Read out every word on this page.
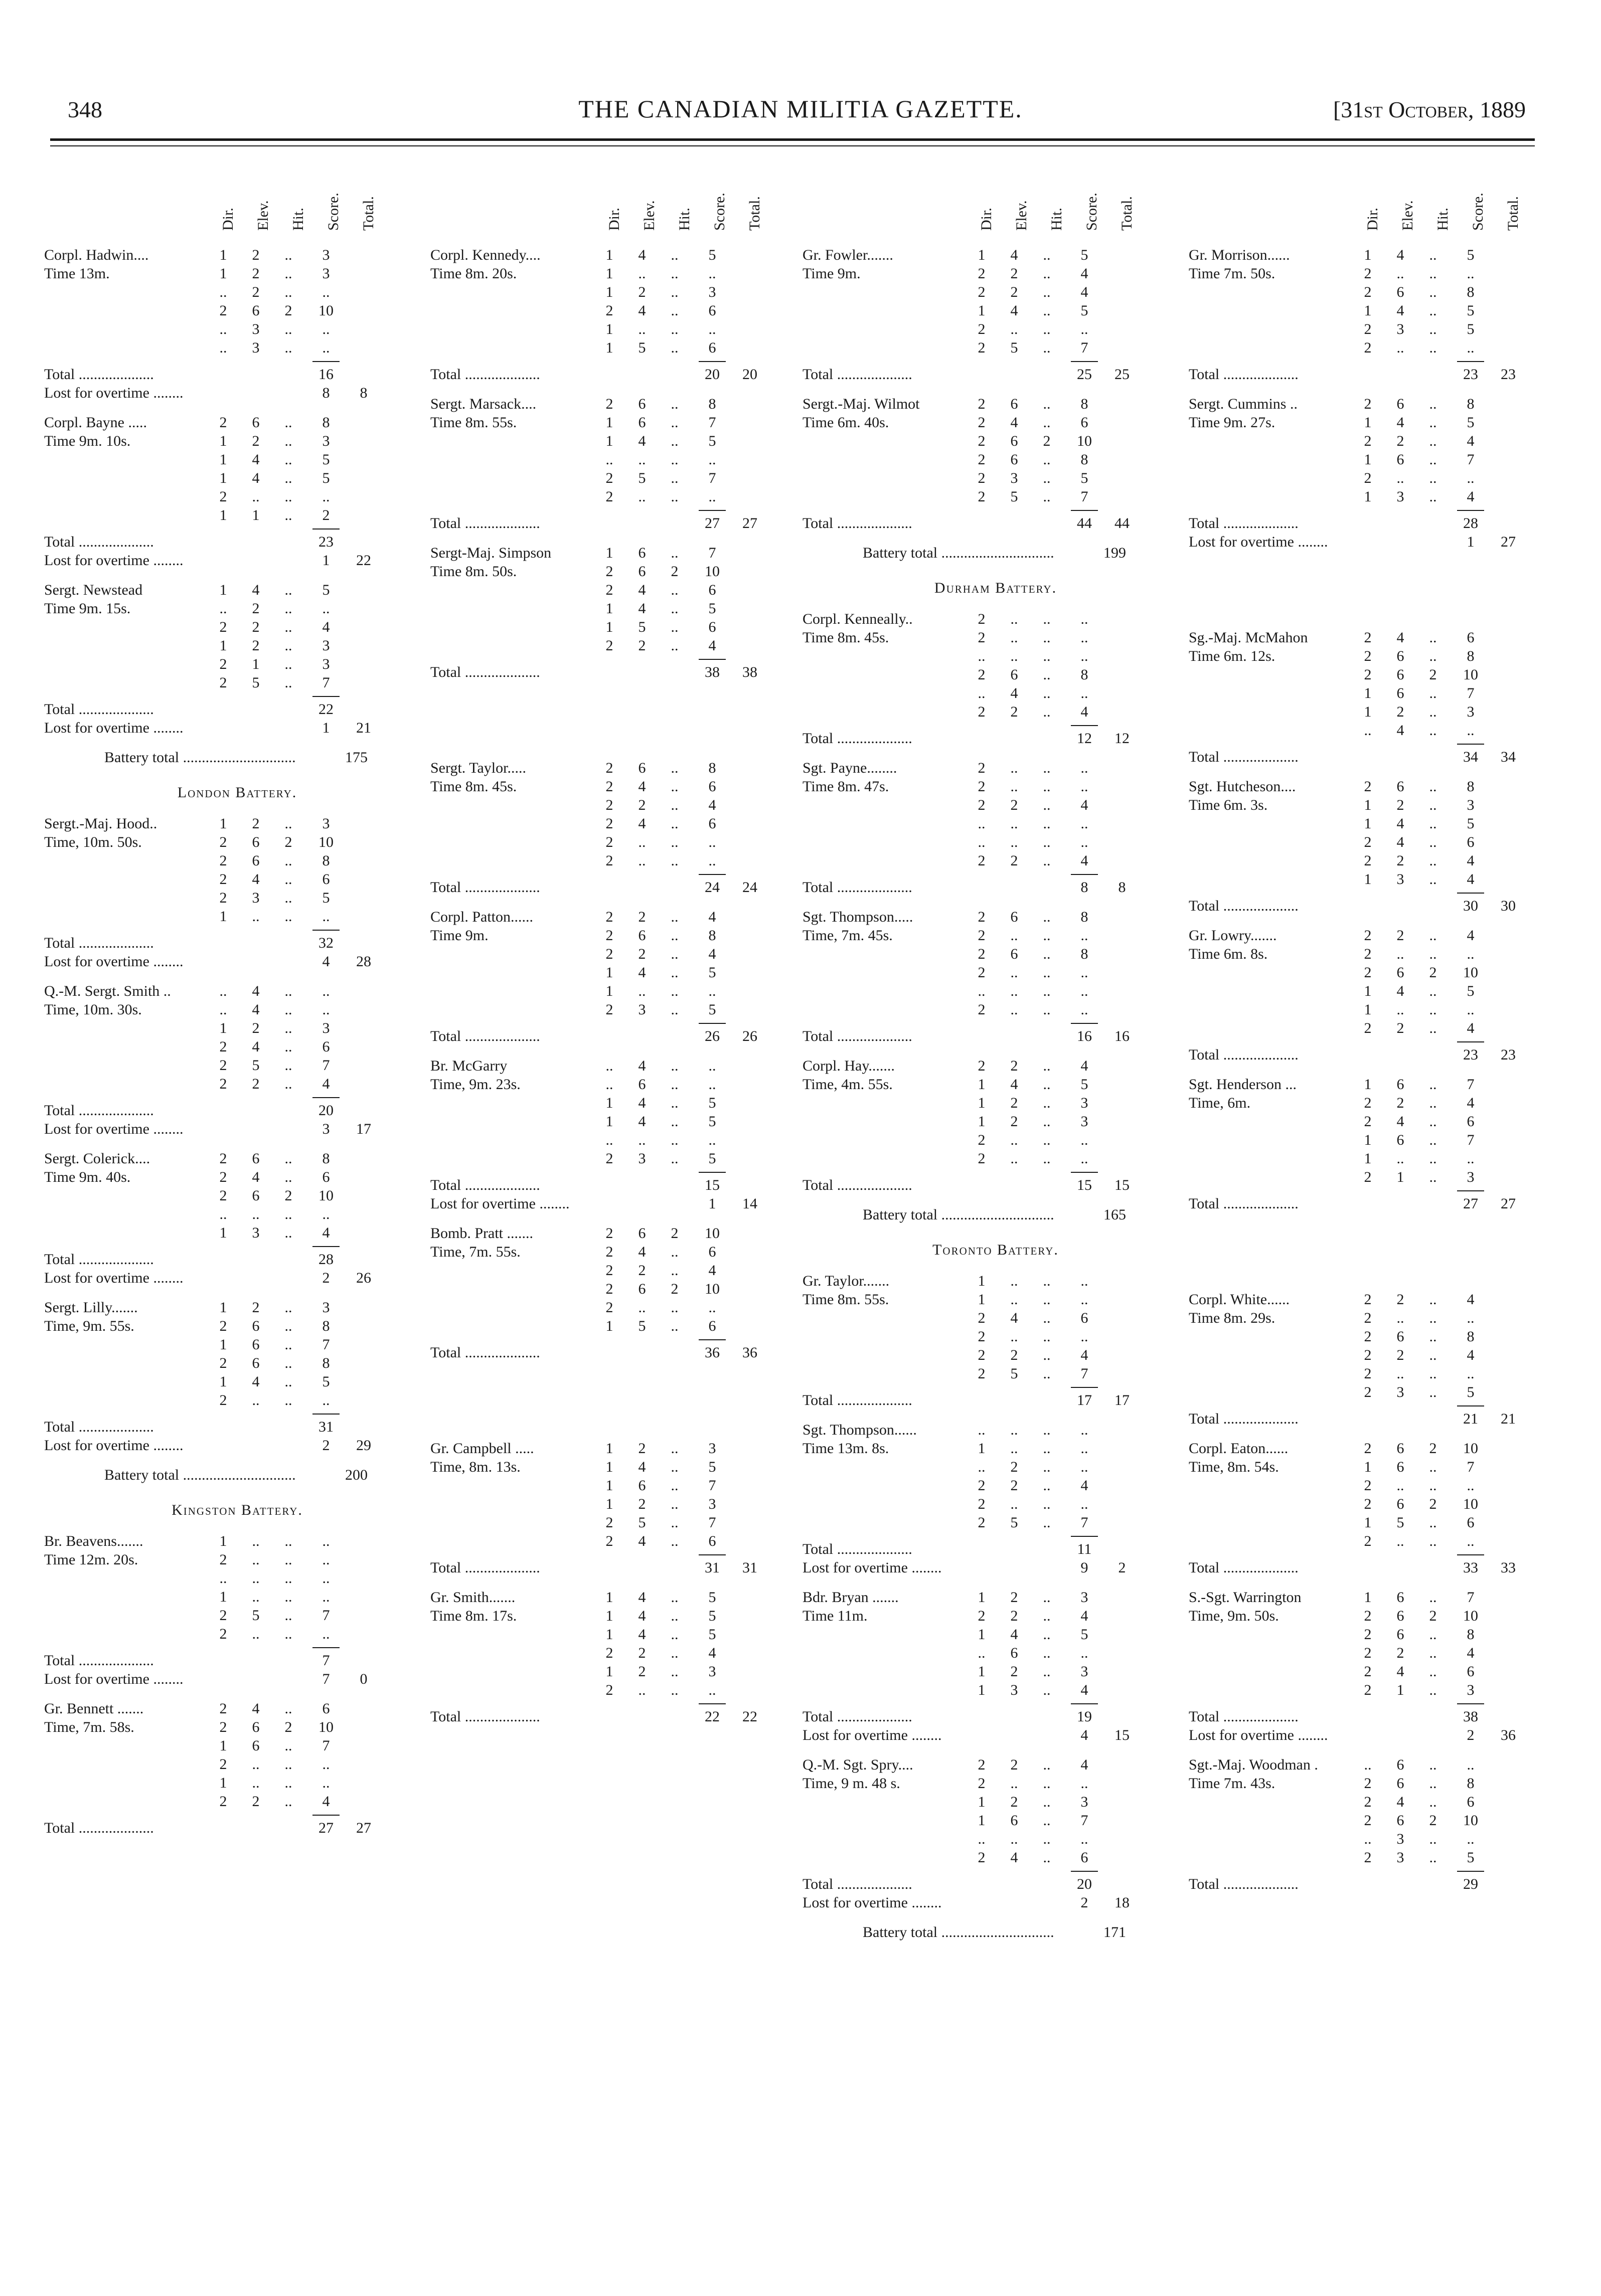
348	THE CANADIAN MILITIA GAZETTE.	[31st October, 1889
Dir. Elev. Hit. Score. Total.
Corpl. Hadwin....	1	2	..	3
Time 13m.	1	2	..	3
..	2	..	..
2	6	2	10
..	3	..	..
..	3	..	..
Total ....................	16
Lost for overtime ........	8	8
Corpl. Bayne .....	2	6	..	8
Time 9m. 10s.	1	2	..	3
1	4	..	5
1	4	..	5
2	..	..	..
1	1	..	2
Total ....................	23
Lost for overtime ........	1	22
Sergt. Newstead	1	4	..	5
Time 9m. 15s.	..	2	..	..
2	2	..	4
1	2	..	3
2	1	..	3
2	5	..	7
Total ....................	22
Lost for overtime ........	1	21
Battery total ..............................	175
London Battery.
Sergt.-Maj. Hood..	1	2	..	3
Time, 10m. 50s.	2	6	2	10
2	6	..	8
2	4	..	6
2	3	..	5
1	..	..	..
Total ....................	32
Lost for overtime ........	4	28
Q.-M. Sergt. Smith ..	..	4	..	..
Time, 10m. 30s.	..	4	..	..
1	2	..	3
2	4	..	6
2	5	..	7
2	2	..	4
Total ....................	20
Lost for overtime ........	3	17
Sergt. Colerick....	2	6	..	8
Time 9m. 40s.	2	4	..	6
2	6	2	10
..	..	..	..
1	3	..	4
Total ....................	28
Lost for overtime ........	2	26
Sergt. Lilly.......	1	2	..	3
Time, 9m. 55s.	2	6	..	8
1	6	..	7
2	6	..	8
1	4	..	5
2	..	..	..
Total ....................	31
Lost for overtime ........	2	29
Battery total ..............................	200
Kingston Battery.
Br. Beavens.......	1	..	..	..
Time 12m. 20s.	2	..	..	..
..	..	..	..
1	..	..	..
2	5	..	7
2	..	..	..
Total ....................	7
Lost for overtime ........	7	0
Gr. Bennett .......	2	4	..	6
Time, 7m. 58s.	2	6	2	10
1	6	..	7
2	..	..	..
1	..	..	..
2	2	..	4
Total ....................	27	27
Dir. Elev. Hit. Score. Total.
Corpl. Kennedy....	1	4	..	5
Time 8m. 20s.	1	..	..	..
1	2	..	3
2	4	..	6
1	..	..	..
1	5	..	6
Total ....................	20	20
Sergt. Marsack....	2	6	..	8
Time 8m. 55s.	1	6	..	7
1	4	..	5
..	..	..	..
2	5	..	7
2	..	..	..
Total ....................	27	27
Sergt-Maj. Simpson	1	6	..	7
Time 8m. 50s.	2	6	2	10
2	4	..	6
1	4	..	5
1	5	..	6
2	2	..	4
Total ....................	38	38
Sergt. Taylor.....	2	6	..	8
Time 8m. 45s.	2	4	..	6
2	2	..	4
2	4	..	6
2	..	..	..
2	..	..	..
Total ....................	24	24
Corpl. Patton......	2	2	..	4
Time 9m.	2	6	..	8
2	2	..	4
1	4	..	5
1	..	..	..
2	3	..	5
Total ....................	26	26
Br. McGarry	..	4	..	..
Time, 9m. 23s.	..	6	..	..
1	4	..	5
1	4	..	5
..	..	..	..
2	3	..	5
Total ....................	15
Lost for overtime ........	1	14
Bomb. Pratt .......	2	6	2	10
Time, 7m. 55s.	2	4	..	6
2	2	..	4
2	6	2	10
2	..	..	..
1	5	..	6
Total ....................	36	36
Gr. Campbell .....	1	2	..	3
Time, 8m. 13s.	1	4	..	5
1	6	..	7
1	2	..	3
2	5	..	7
2	4	..	6
Total ....................	31	31
Gr. Smith.......	1	4	..	5
Time 8m. 17s.	1	4	..	5
1	4	..	5
2	2	..	4
1	2	..	3
2	..	..	..
Total ....................	22	22
Dir. Elev. Hit. Score. Total.
Gr. Fowler.......	1	4	..	5
Time 9m.	2	2	..	4
2	2	..	4
1	4	..	5
2	..	..	..
2	5	..	7
Total ....................	25	25
Sergt.-Maj. Wilmot	2	6	..	8
Time 6m. 40s.	2	4	..	6
2	6	2	10
2	6	..	8
2	3	..	5
2	5	..	7
Total ....................	44	44
Battery total ..............................	199
Durham Battery.
Corpl. Kenneally..	2	..	..	..
Time 8m. 45s.	2	..	..	..
..	..	..	..
2	6	..	8
..	4	..	..
2	2	..	4
Total ....................	12	12
Sgt. Payne........	2	..	..	..
Time 8m. 47s.	2	..	..	..
2	2	..	4
..	..	..	..
..	..	..	..
2	2	..	4
Total ....................	8	8
Sgt. Thompson.....	2	6	..	8
Time, 7m. 45s.	2	..	..	..
2	6	..	8
2	..	..	..
..	..	..	..
2	..	..	..
Total ....................	16	16
Corpl. Hay.......	2	2	..	4
Time, 4m. 55s.	1	4	..	5
1	2	..	3
1	2	..	3
2	..	..	..
2	..	..	..
Total ....................	15	15
Battery total ..............................	165
Toronto Battery.
Gr. Taylor.......	1	..	..	..
Time 8m. 55s.	1	..	..	..
2	4	..	6
2	..	..	..
2	2	..	4
2	5	..	7
Total ....................	17	17
Sgt. Thompson......	..	..	..	..
Time 13m. 8s.	1	..	..	..
..	2	..	..
2	2	..	4
2	..	..	..
2	5	..	7
Total ....................	11
Lost for overtime ........	9	2
Bdr. Bryan .......	1	2	..	3
Time 11m.	2	2	..	4
1	4	..	5
..	6	..	..
1	2	..	3
1	3	..	4
Total ....................	19
Lost for overtime ........	4	15
Q.-M. Sgt. Spry....	2	2	..	4
Time, 9 m. 48 s.	2	..	..	..
1	2	..	3
1	6	..	7
..	..	..	..
2	4	..	6
Total ....................	20
Lost for overtime ........	2	18
Battery total ..............................	171
Dir. Elev. Hit. Score. Total.
Gr. Morrison......	1	4	..	5
Time 7m. 50s.	2	..	..	..
2	6	..	8
1	4	..	5
2	3	..	5
2	..	..	..
Total ....................	23	23
Sergt. Cummins ..	2	6	..	8
Time 9m. 27s.	1	4	..	5
2	2	..	4
1	6	..	7
2	..	..	..
1	3	..	4
Total ....................	28
Lost for overtime ........	1	27
Sg.-Maj. McMahon	2	4	..	6
Time 6m. 12s.	2	6	..	8
2	6	2	10
1	6	..	7
1	2	..	3
..	4	..	..
Total ....................	34	34
Sgt. Hutcheson....	2	6	..	8
Time 6m. 3s.	1	2	..	3
1	4	..	5
2	4	..	6
2	2	..	4
1	3	..	4
Total ....................	30	30
Gr. Lowry.......	2	2	..	4
Time 6m. 8s.	2	..	..	..
2	6	2	10
1	4	..	5
1	..	..	..
2	2	..	4
Total ....................	23	23
Sgt. Henderson ...	1	6	..	7
Time, 6m.	2	2	..	4
2	4	..	6
1	6	..	7
1	..	..	..
2	1	..	3
Total ....................	27	27
Corpl. White......	2	2	..	4
Time 8m. 29s.	2	..	..	..
2	6	..	8
2	2	..	4
2	..	..	..
2	3	..	5
Total ....................	21	21
Corpl. Eaton......	2	6	2	10
Time, 8m. 54s.	1	6	..	7
2	..	..	..
2	6	2	10
1	5	..	6
2	..	..	..
Total ....................	33	33
S.-Sgt. Warrington	1	6	..	7
Time, 9m. 50s.	2	6	2	10
2	6	..	8
2	2	..	4
2	4	..	6
2	1	..	3
Total ....................	38
Lost for overtime ........	2	36
Sgt.-Maj. Woodman .	..	6	..	..
Time 7m. 43s.	2	6	..	8
2	4	..	6
2	6	2	10
..	3	..	..
2	3	..	5
Total ....................	29
